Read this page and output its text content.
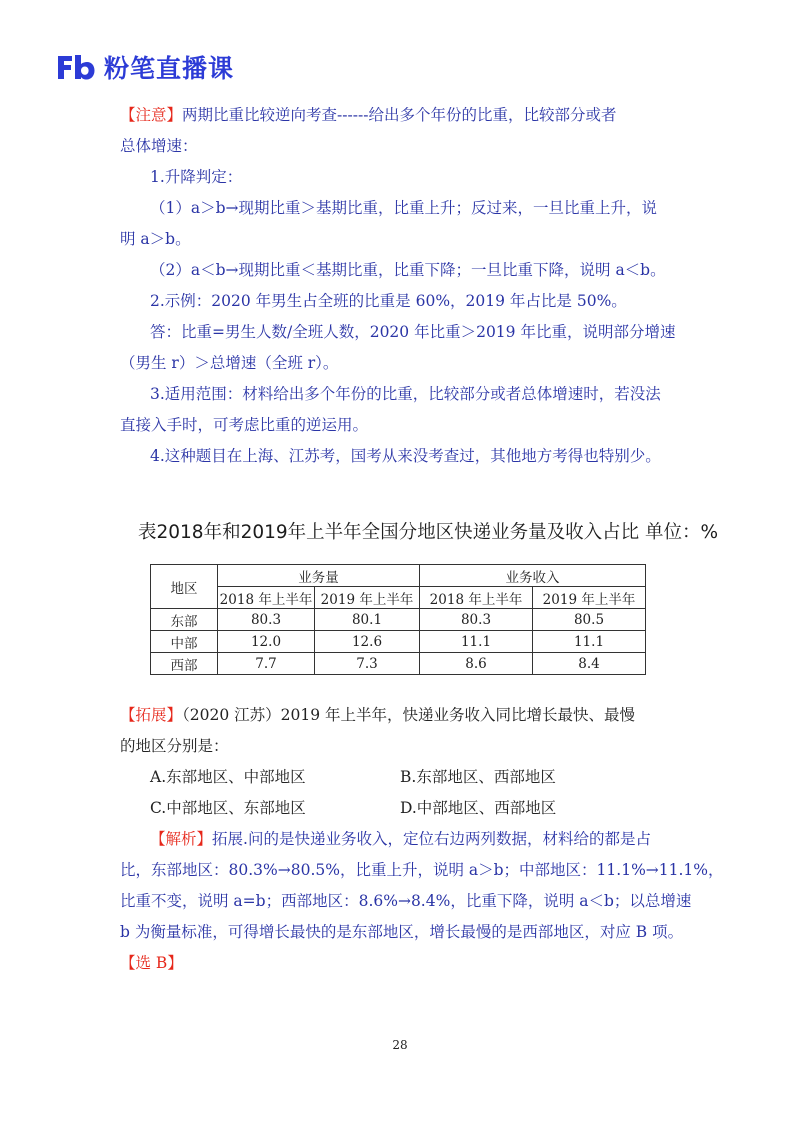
粉笔直播课
【注意】两期比重比较逆向考查------给出多个年份的比重，比较部分或者
总体增速：
1.升降判定：
（1）a＞b→现期比重＞基期比重，比重上升；反过来，一旦比重上升，说
明 a＞b。
（2）a＜b→现期比重＜基期比重，比重下降；一旦比重下降，说明 a＜b。
2.示例：2020 年男生占全班的比重是 60%，2019 年占比是 50%。
答：比重=男生人数/全班人数，2020 年比重＞2019 年比重，说明部分增速
（男生 r）＞总增速（全班 r）。
3.适用范围：材料给出多个年份的比重，比较部分或者总体增速时，若没法
直接入手时，可考虑比重的逆运用。
4.这种题目在上海、江苏考，国考从来没考查过，其他地方考得也特别少。
表2018年和2019年上半年全国分地区快递业务量及收入占比 单位：%
地区	业务量		业务收入	
	2018 年上半年	2019 年上半年	2018 年上半年	2019 年上半年
东部	80.3	80.1	80.3	80.5
中部	12.0	12.6	11.1	11.1
西部	7.7	7.3	8.6	8.4
【拓展】（2020 江苏）2019 年上半年，快递业务收入同比增长最快、最慢
的地区分别是：
A.东部地区、中部地区	B.东部地区、西部地区
C.中部地区、东部地区	D.中部地区、西部地区
【解析】拓展.问的是快递业务收入，定位右边两列数据，材料给的都是占
比，东部地区：80.3%→80.5%，比重上升，说明 a＞b；中部地区：11.1%→11.1%，
比重不变，说明 a=b；西部地区：8.6%→8.4%，比重下降，说明 a＜b；以总增速
b 为衡量标准，可得增长最快的是东部地区，增长最慢的是西部地区，对应 B 项。
【选 B】
28
